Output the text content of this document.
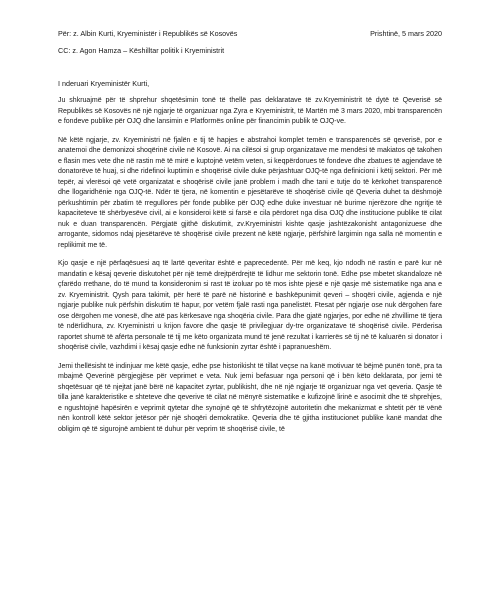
Për: z. Albin Kurti, Kryeministër i Republikës së Kosovës	Prishtinë, 5 mars 2020
CC: z. Agon Hamza – Këshilltar politik i Kryeministrit
I nderuari Kryeministër Kurti,

Ju shkruajmë për të shprehur shqetësimin tonë të thellë pas deklaratave të zv.Kryeministrit të dytë të Qeverisë së Republikës së Kosovës në një ngjarje të organizuar nga Zyra e Kryeministrit, të Martën më 3 mars 2020, mbi transparencën e fondeve publike për OJQ dhe lansimin e Platformës online për financimin publik të OJQ-ve.

Në këtë ngjarje, zv. Kryeministri në fjalën e tij të hapjes e abstrahoi komplet temën e transparencës së qeverisë, por e anatemoi dhe demonizoi shoqërinë civile në Kosovë. Ai na cilësoi si grup organizatave me mendësi të makiatos që takohen e flasin mes vete dhe në rastin më të mirë e kuptojnë vetëm veten, si keqpërdorues të fondeve dhe zbatues të agjendave të donatorëve të huaj, si dhe ridefinoi kuptimin e shoqërisë civile duke përjashtuar OJQ-të nga definicioni i këtij sektori. Për më tepër, ai vlerësoi që vetë organizatat e shoqërisë civile janë problem i madh dhe tani e tutje do të kërkohet transparencë dhe llogaridhënie nga OJQ-të. Ndër të tjera, në komentin e pjesëtarëve të shoqërisë civile që Qeveria duhet ta dëshmojë përkushtimin për zbatim të rregullores për fonde publike për OJQ edhe duke investuar në burime njerëzore dhe ngritje të kapaciteteve të shërbyesëve civil, ai e konsideroi këtë si farsë e cila përdoret nga disa OJQ dhe institucione publike të cilat nuk e duan transparencën. Përgjatë gjithë diskutimit, zv.Kryeministri kishte qasje jashtëzakonisht antagonizuese dhe arrogante, sidomos ndaj pjesëtarëve të shoqërisë civile prezent në këtë ngjarje, përfshirë largimin nga salla në momentin e replikimit me të.

Kjo qasje e një përfaqësuesi aq të lartë qeveritar është e paprecedentë. Për më keq, kjo ndodh në rastin e parë kur në mandatin e kësaj qeverie diskutohet për një temë drejtpërdrejtë të lidhur me sektorin tonë. Edhe pse mbetet skandaloze në çfarëdo rrethane, do të mund ta konsideronim si rast të izoluar po të mos ishte pjesë e një qasje më sistematike nga ana e zv. Kryeministrit. Qysh para takimit, për herë të parë në historinë e bashkëpunimit qeveri – shoqëri civile, agjenda e një ngjarje publike nuk përfshin diskutim të hapur, por vetëm fjalë rasti nga panelistët. Ftesat për ngjarje ose nuk dërgohen fare ose dërgohen me vonesë, dhe atë pas kërkesave nga shoqëria civile. Para dhe gjatë ngjarjes, por edhe në zhvillime të tjera të ndërlidhura, zv. Kryeministri u krijon favore dhe qasje të privilegjuar dy-tre organizatave të shoqërisë civile. Përderisa raportet shumë të afërta personale të tij me këto organizata mund të jenë rezultat i karrierës së tij në të kaluarën si donator i shoqërisë civile, vazhdimi i kësaj qasje edhe në funksionin zyrtar është i papranueshëm.

Jemi thellësisht të indinjuar me këtë qasje, edhe pse historikisht të tillat veçse na kanë motivuar të bëjmë punën tonë, pra ta mbajmë Qeverinë përgjegjëse për veprimet e veta. Nuk jemi befasuar nga personi që i bën këto deklarata, por jemi të shqetësuar që të njejtat janë bërë në kapacitet zyrtar, publikisht, dhe në një ngjarje të organizuar nga vet qeveria. Qasje të tilla janë karakteristike e shteteve dhe qeverive të cilat në mënyrë sistematike e kufizojnë lirinë e asocimit dhe të shprehjes, e ngushtojnë hapësirën e veprimit qytetar dhe synojnë që të shfrytëzojnë autoritetin dhe mekanizmat e shtetit për të vënë nën kontroll këtë sektor jetësor për një shoqëri demokratike. Qeveria dhe të gjitha institucionet publike kanë mandat dhe obligim që të sigurojnë ambient të duhur për veprim të shoqërisë civile, të
